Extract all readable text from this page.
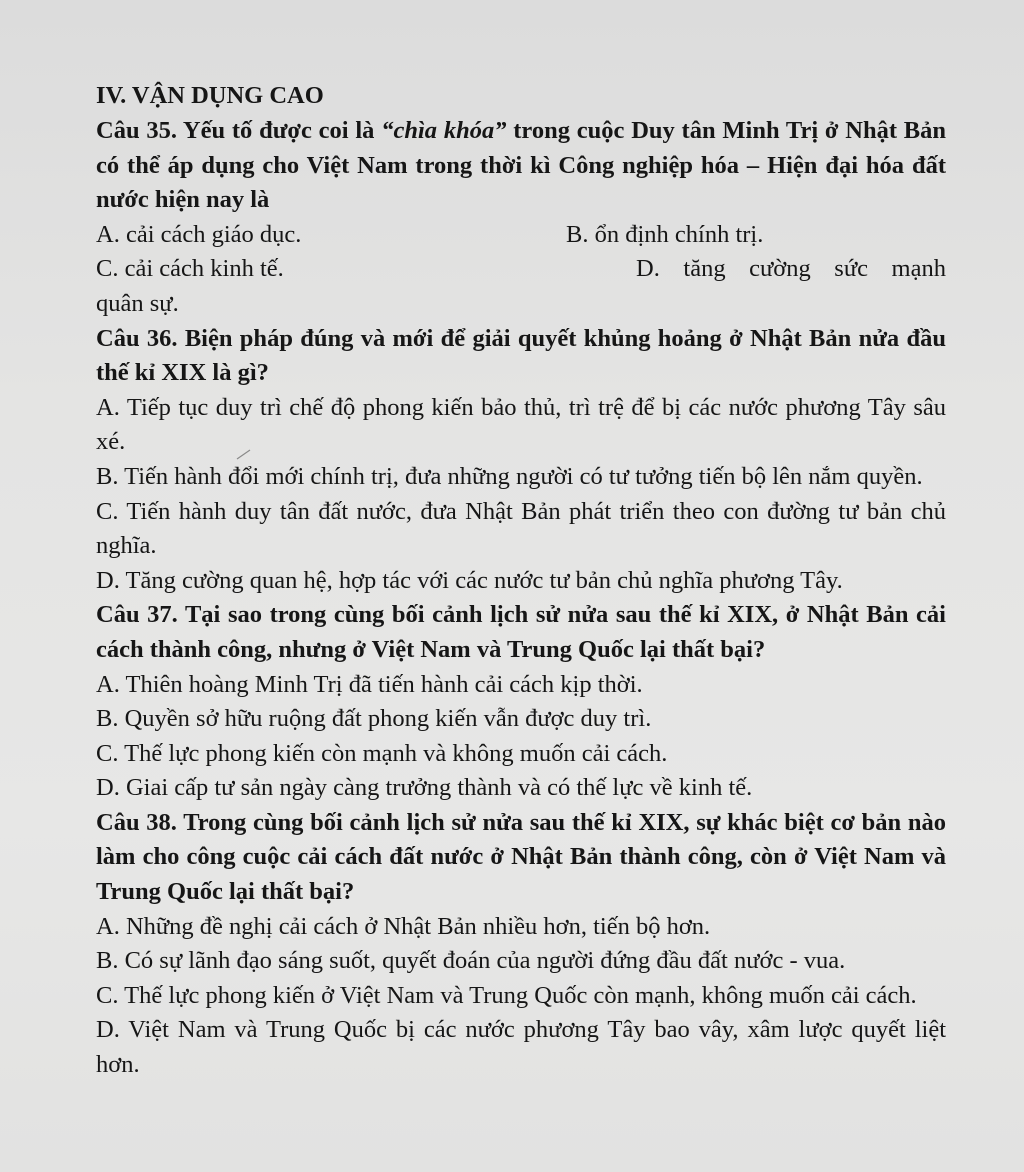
IV. VẬN DỤNG CAO

Câu 35. Yếu tố được coi là “chìa khóa” trong cuộc Duy tân Minh Trị ở Nhật Bản có thể áp dụng cho Việt Nam trong thời kì Công nghiệp hóa – Hiện đại hóa đất nước hiện nay là

A. cải cách giáo dục.	B. ổn định chính trị.
C. cải cách kinh tế.	D. tăng cường sức mạnh

quân sự.

Câu 36. Biện pháp đúng và mới để giải quyết khủng hoảng ở Nhật Bản nửa đầu thế kỉ XIX là gì?

A. Tiếp tục duy trì chế độ phong kiến bảo thủ, trì trệ để bị các nước phương Tây sâu xé.

B. Tiến hành đổi mới chính trị, đưa những người có tư tưởng tiến bộ lên nắm quyền.

C. Tiến hành duy tân đất nước, đưa Nhật Bản phát triển theo con đường tư bản chủ nghĩa.

D. Tăng cường quan hệ, hợp tác với các nước tư bản chủ nghĩa phương Tây.

Câu 37. Tại sao trong cùng bối cảnh lịch sử nửa sau thế kỉ XIX, ở Nhật Bản cải cách thành công, nhưng ở Việt Nam và Trung Quốc lại thất bại?

A. Thiên hoàng Minh Trị đã tiến hành cải cách kịp thời.

B. Quyền sở hữu ruộng đất phong kiến vẫn được duy trì.

C. Thế lực phong kiến còn mạnh và không muốn cải cách.

D. Giai cấp tư sản ngày càng trưởng thành và có thế lực về kinh tế.

Câu 38. Trong cùng bối cảnh lịch sử nửa sau thế kỉ XIX, sự khác biệt cơ bản nào làm cho công cuộc cải cách đất nước ở Nhật Bản thành công, còn ở Việt Nam và Trung Quốc lại thất bại?

A. Những đề nghị cải cách ở Nhật Bản nhiều hơn, tiến bộ hơn.

B. Có sự lãnh đạo sáng suốt, quyết đoán của người đứng đầu đất nước - vua.

C. Thế lực phong kiến ở Việt Nam và Trung Quốc còn mạnh, không muốn cải cách.

D. Việt Nam và Trung Quốc bị các nước phương Tây bao vây, xâm lược quyết liệt hơn.
